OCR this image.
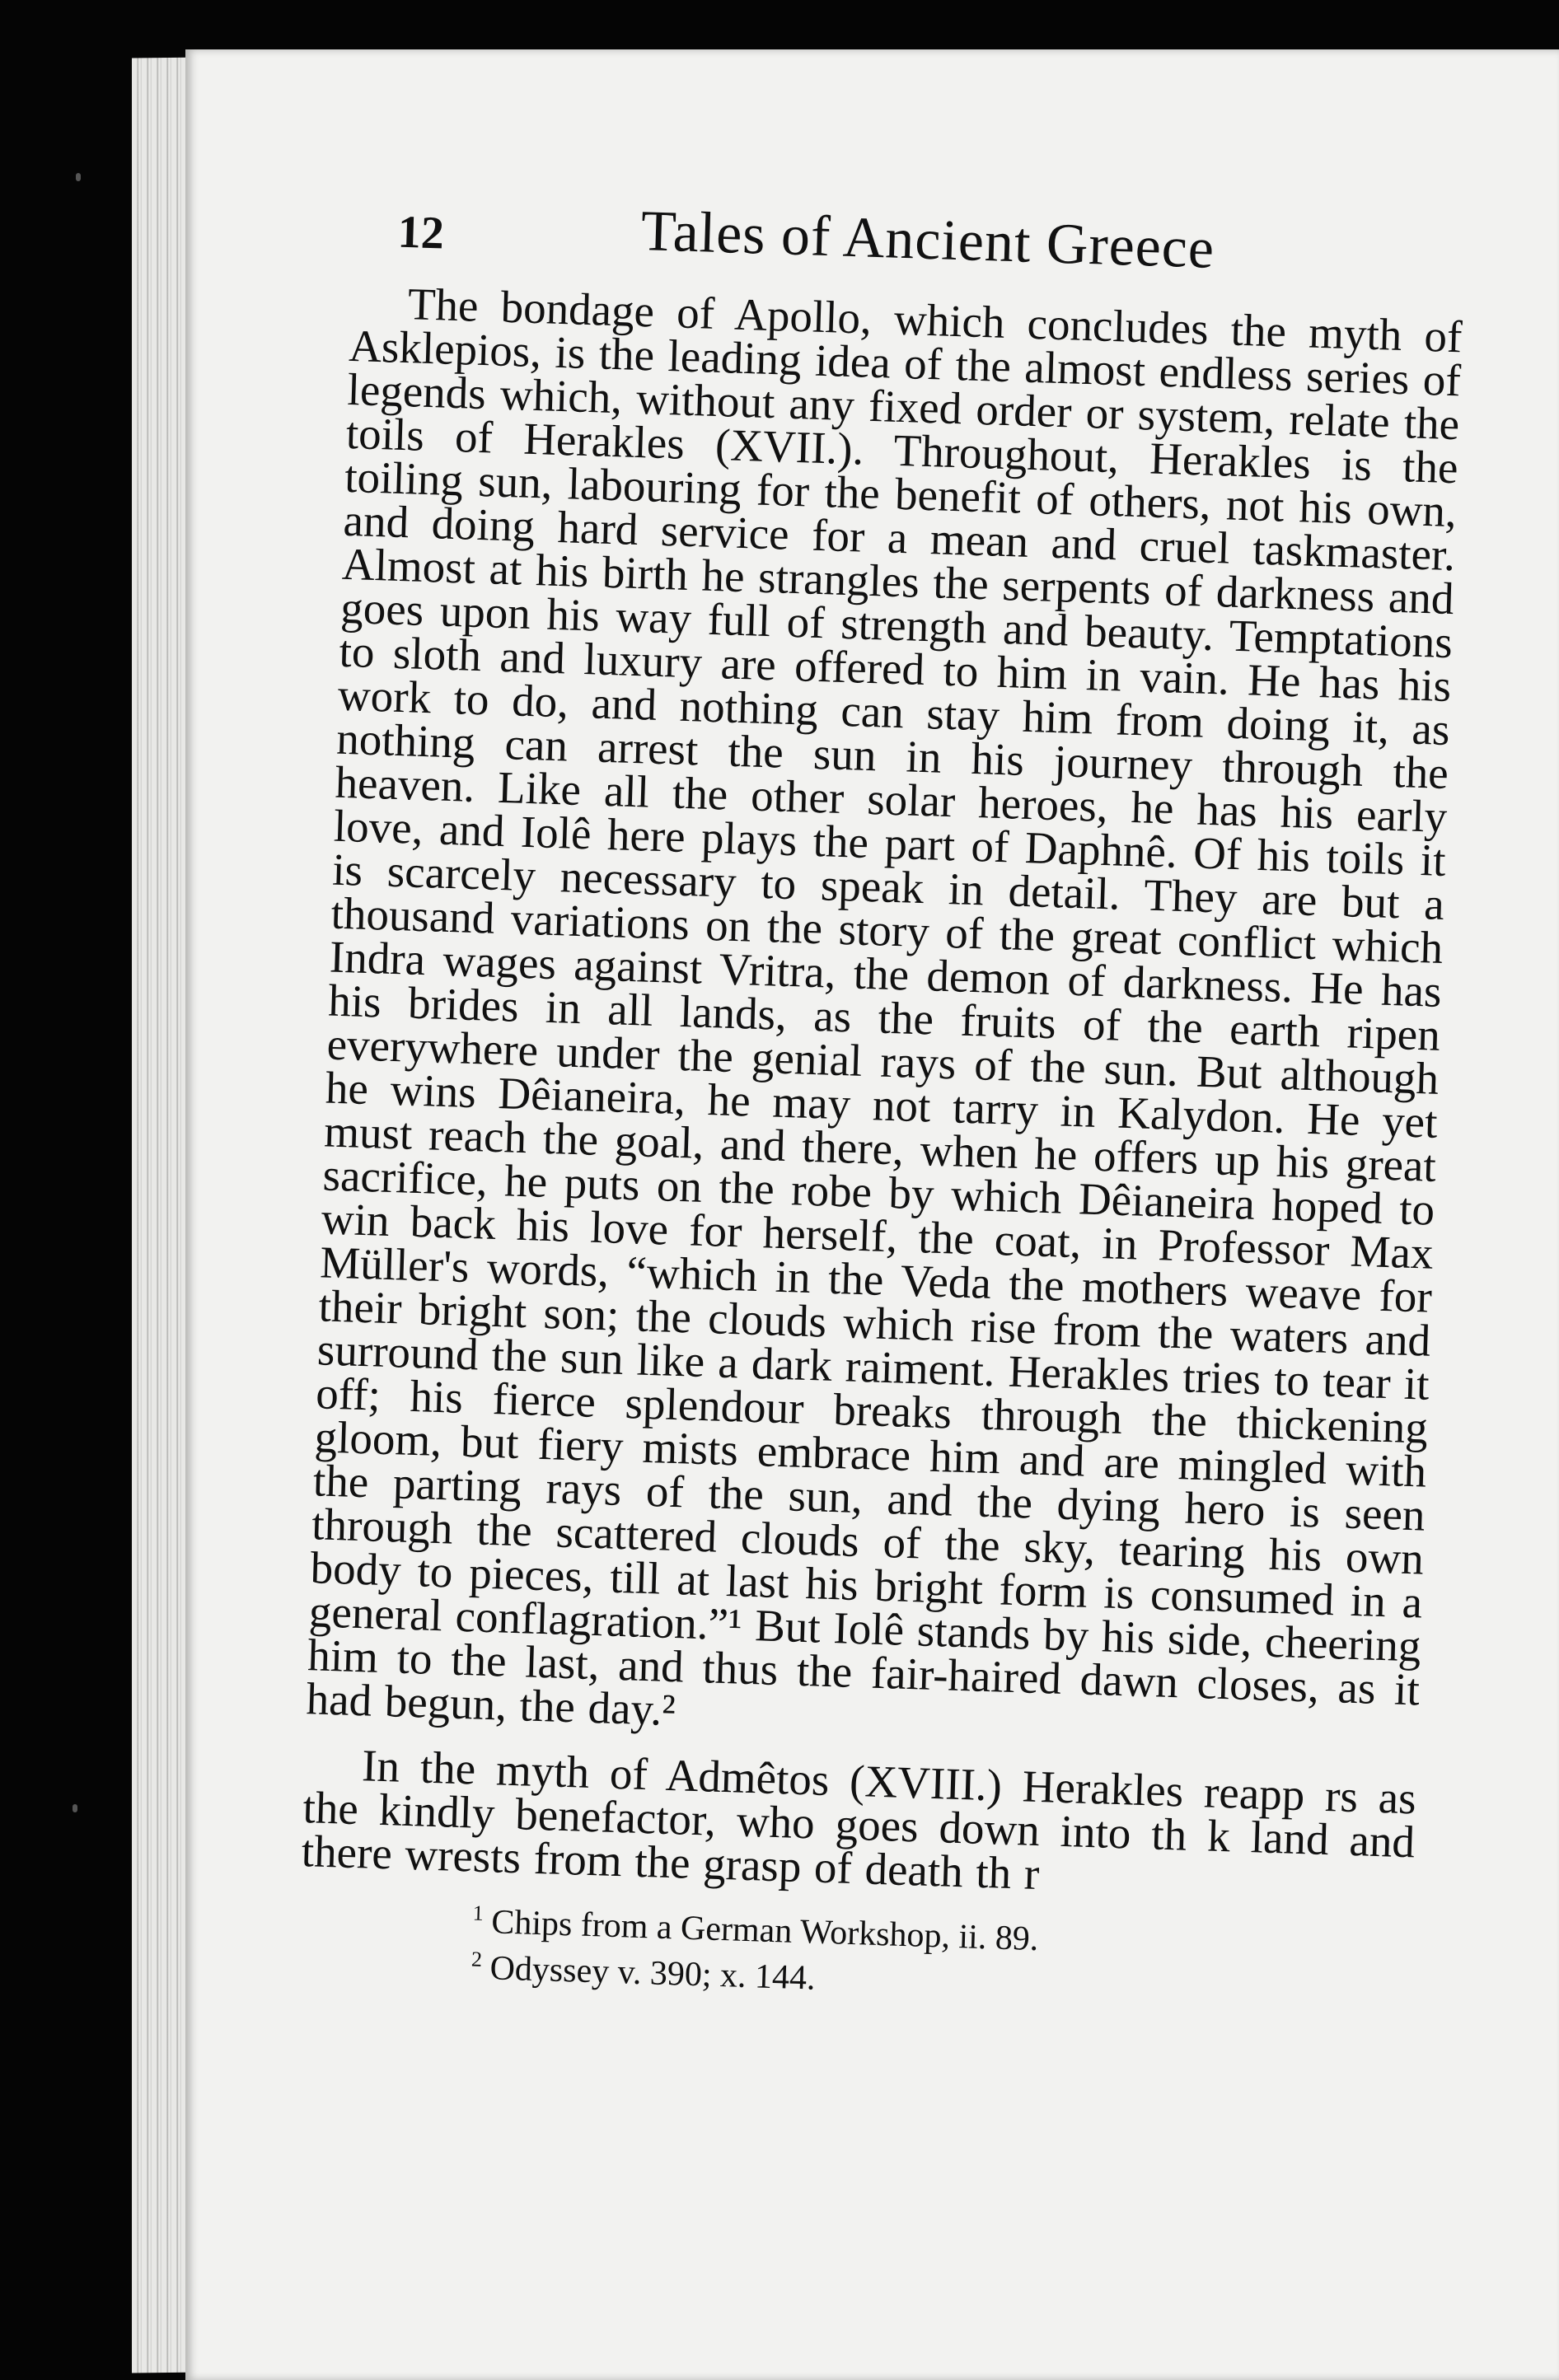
12	Tales of Ancient Greece

The bondage of Apollo, which concludes the myth of Asklepios, is the leading idea of the almost endless series of legends which, without any fixed order or system, relate the toils of Herakles (XVII.). Throughout, Herakles is the toiling sun, labouring for the benefit of others, not his own, and doing hard service for a mean and cruel taskmaster. Almost at his birth he strangles the serpents of darkness and goes upon his way full of strength and beauty. Temptations to sloth and luxury are offered to him in vain. He has his work to do, and nothing can stay him from doing it, as nothing can arrest the sun in his journey through the heaven. Like all the other solar heroes, he has his early love, and Iolê here plays the part of Daphnê. Of his toils it is scarcely necessary to speak in detail. They are but a thousand variations on the story of the great conflict which Indra wages against Vritra, the demon of darkness. He has his brides in all lands, as the fruits of the earth ripen everywhere under the genial rays of the sun. But although he wins Dêianeira, he may not tarry in Kalydon. He yet must reach the goal, and there, when he offers up his great sacrifice, he puts on the robe by which Dêianeira hoped to win back his love for herself, the coat, in Professor Max Müller's words, “which in the Veda the mothers weave for their bright son; the clouds which rise from the waters and surround the sun like a dark raiment. Herakles tries to tear it off; his fierce splendour breaks through the thickening gloom, but fiery mists embrace him and are mingled with the parting rays of the sun, and the dying hero is seen through the scattered clouds of the sky, tearing his own body to pieces, till at last his bright form is consumed in a general conflagration.”¹ But Iolê stands by his side, cheering him to the last, and thus the fair-haired dawn closes, as it had begun, the day.²

In the myth of Admêtos (XVIII.) Herakles reapp rs as the kindly benefactor, who goes down into th k land and there wrests from the grasp of death th r

$^1$ Chips from a German Workshop, ii. 89.

$^2$ Odyssey v. 390; x. 144.
